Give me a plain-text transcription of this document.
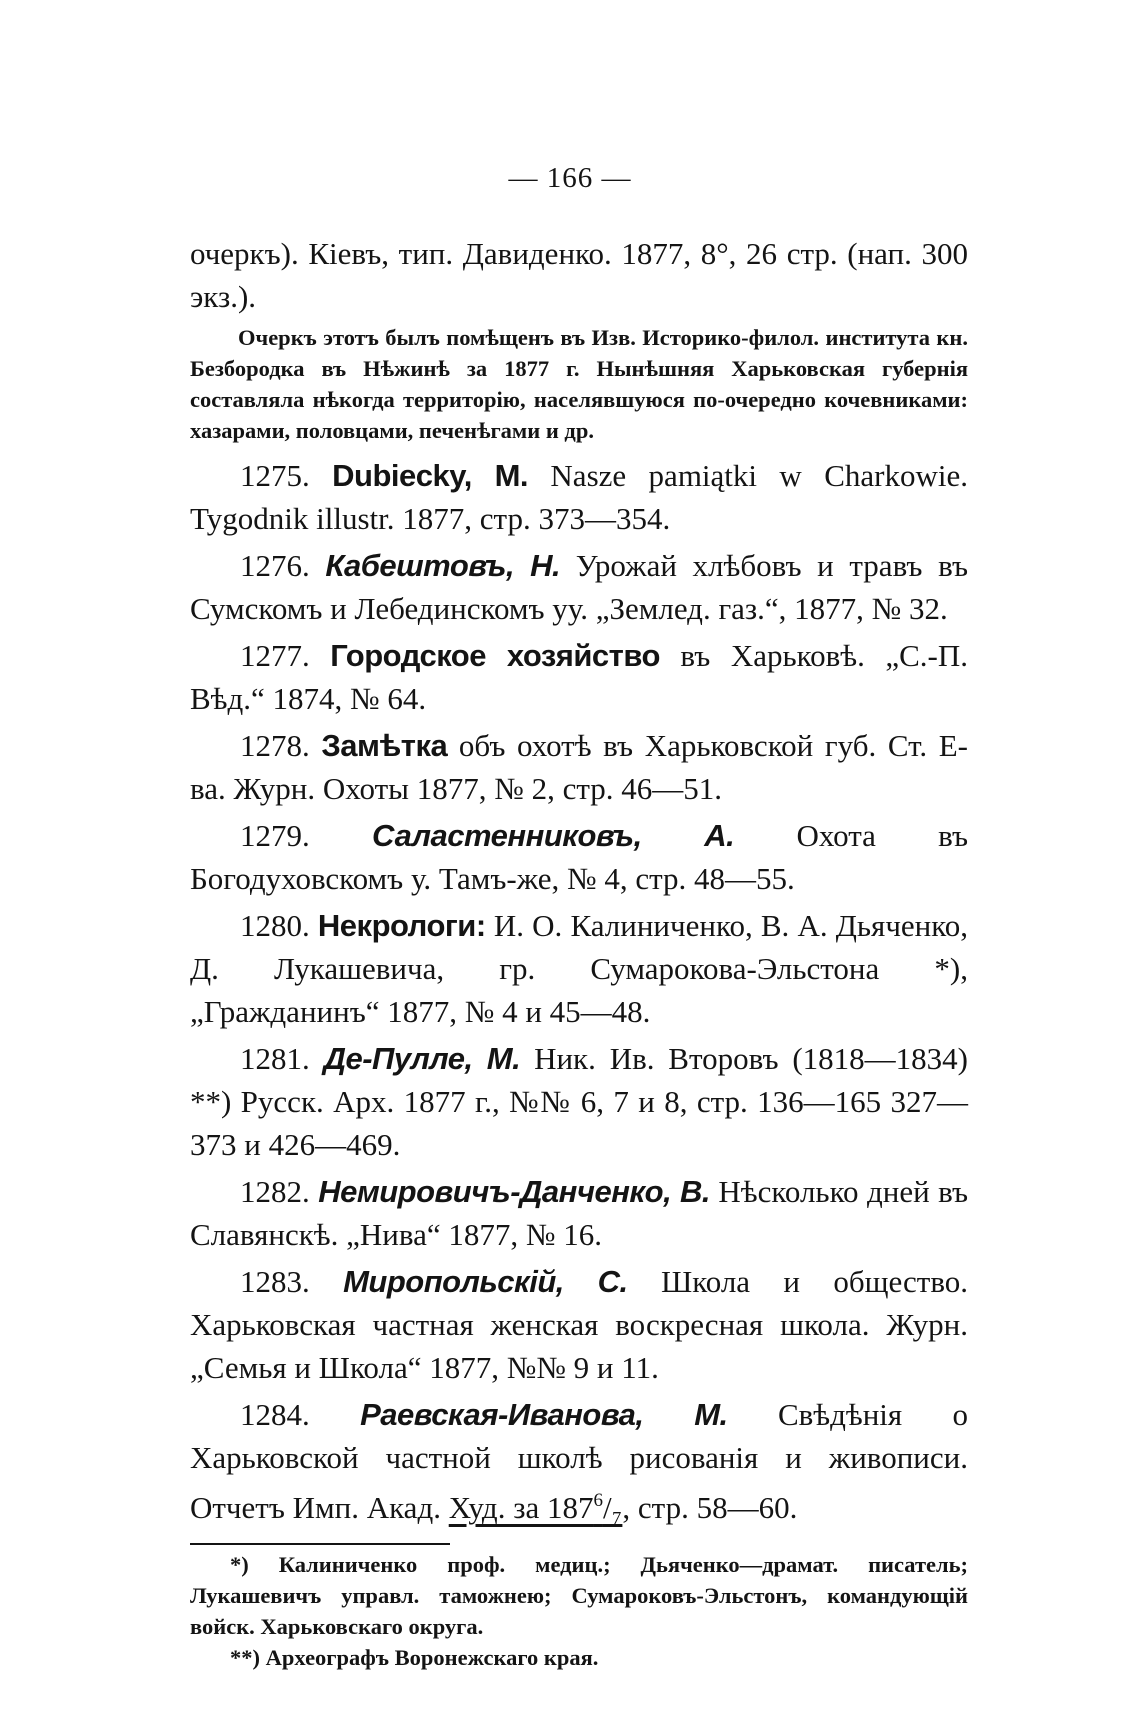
— 166 —

очеркъ). Кіевъ, тип. Давиденко. 1877, 8°, 26 стр. (нап. 300 экз.).

Очеркъ этотъ былъ помѣщенъ въ Изв. Историко-филол. института кн. Безбородка въ Нѣжинѣ за 1877 г. Нынѣшняя Харьковская губернія составляла нѣкогда территорію, населявшуюся по-очередно кочевниками: хазарами, половцами, печенѣгами и др.

1275. Dubiecky, M. Nasze pamiątki w Charkowie. Tygodnik illustr. 1877, стр. 373—354.

1276. Кабештовъ, Н. Урожай хлѣбовъ и травъ въ Сумскомъ и Лебединскомъ уу. „Землед. газ.“, 1877, № 32.

1277. Городское хозяйство въ Харьковѣ. „С.-П. Вѣд.“ 1874, № 64.

1278. Замѣтка объ охотѣ въ Харьковской губ. Ст. Е-ва. Журн. Охоты 1877, № 2, стр. 46—51.

1279. Саластенниковъ, А. Охота въ Богодуховскомъ у. Тамъ-же, № 4, стр. 48—55.

1280. Некрологи: И. О. Калиниченко, В. А. Дьяченко, Д. Лукашевича, гр. Сумарокова-Эльстона *), „Гражданинъ“ 1877, № 4 и 45—48.

1281. Де-Пулле, М. Ник. Ив. Второвъ (1818—1834) **) Русск. Арх. 1877 г., №№ 6, 7 и 8, стр. 136—165 327—373 и 426—469.

1282. Немировичъ-Данченко, В. Нѣсколько дней въ Славянскѣ. „Нива“ 1877, № 16.

1283. Миропольскій, С. Школа и общество. Харьковская частная женская воскресная школа. Журн. „Семья и Школа“ 1877, №№ 9 и 11.

1284. Раевская-Иванова, М. Свѣдѣнія о Харьковской частной школѣ рисованія и живописи. Отчетъ Имп. Акад. Худ. за $187^6/_7$, стр. 58—60.

*) Калиниченко проф. медиц.; Дьяченко—драмат. писатель; Лукашевичъ управл. таможнею; Сумароковъ-Эльстонъ, командующій войск. Харьковскаго округа.

**) Археографъ Воронежскаго края.
